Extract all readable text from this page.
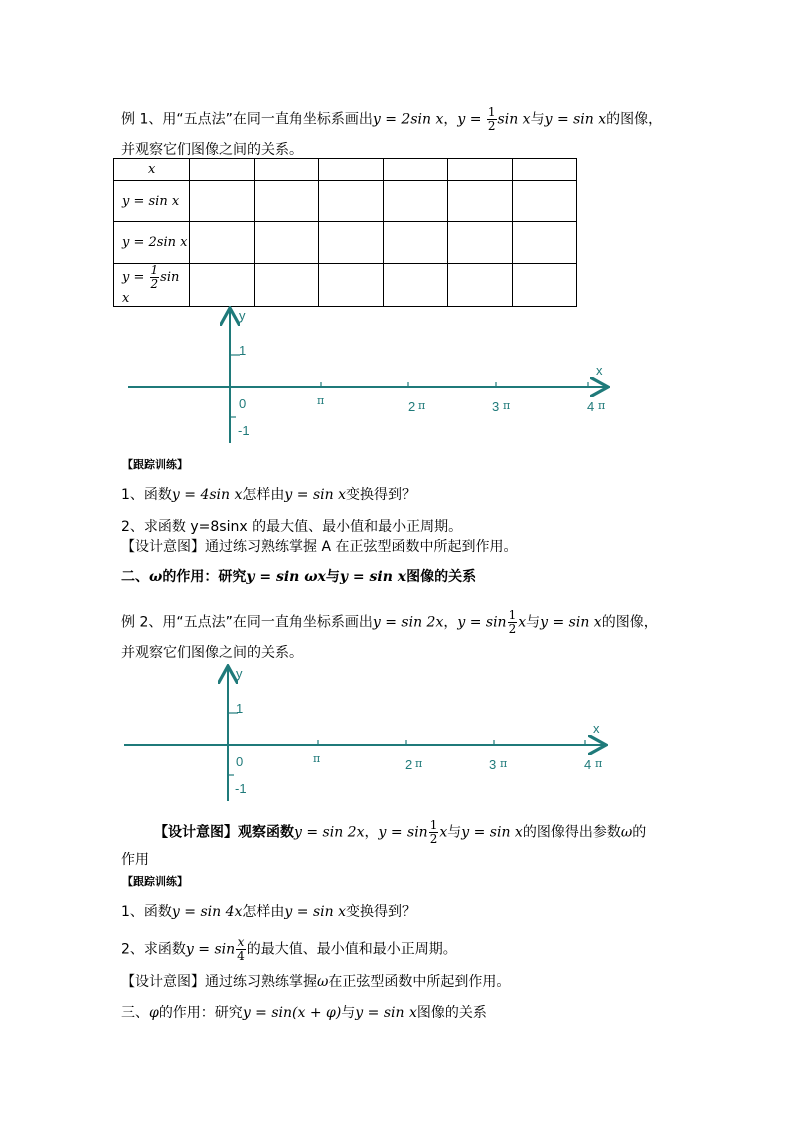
例 1、用“五点法”在同一直角坐标系画出y = 2sin x，$y = \frac{1}{2}$ sin x与y = sin x的图像，
并观察它们图像之间的关系。
x						
y = sin x						
y = 2sin x						
$y = \frac{1}{2}$ sin x						
y
1
x
0
-1
π	2 π	3 π	4 π
【跟踪训练】
1、函数y = 4sin x怎样由y = sin x变换得到？
2、求函数 y=8sinx 的最大值、最小值和最小正周期。
【设计意图】通过练习熟练掌握 A 在正弦型函数中所起到作用。
二、ω的作用：研究y = sin ωx与y = sin x图像的关系
例 2、用“五点法”在同一直角坐标系画出y = sin 2x，$y = \sin \frac{1}{2}$ x与y = sin x的图像，
并观察它们图像之间的关系。
y
1
x
0
-1
π	2 π	3 π	4 π
【设计意图】观察函数y = sin 2x，$y = \sin \frac{1}{2}$ x与y = sin x的图像得出参数ω的
作用
【跟踪训练】
1、函数y = sin 4x怎样由y = sin x变换得到？
2、求函数$y = \sin \frac{x}{4}$ 的最大值、最小值和最小正周期。
【设计意图】通过练习熟练掌握ω在正弦型函数中所起到作用。
三、φ的作用：研究y = sin(x + φ)与y = sin x图像的关系
